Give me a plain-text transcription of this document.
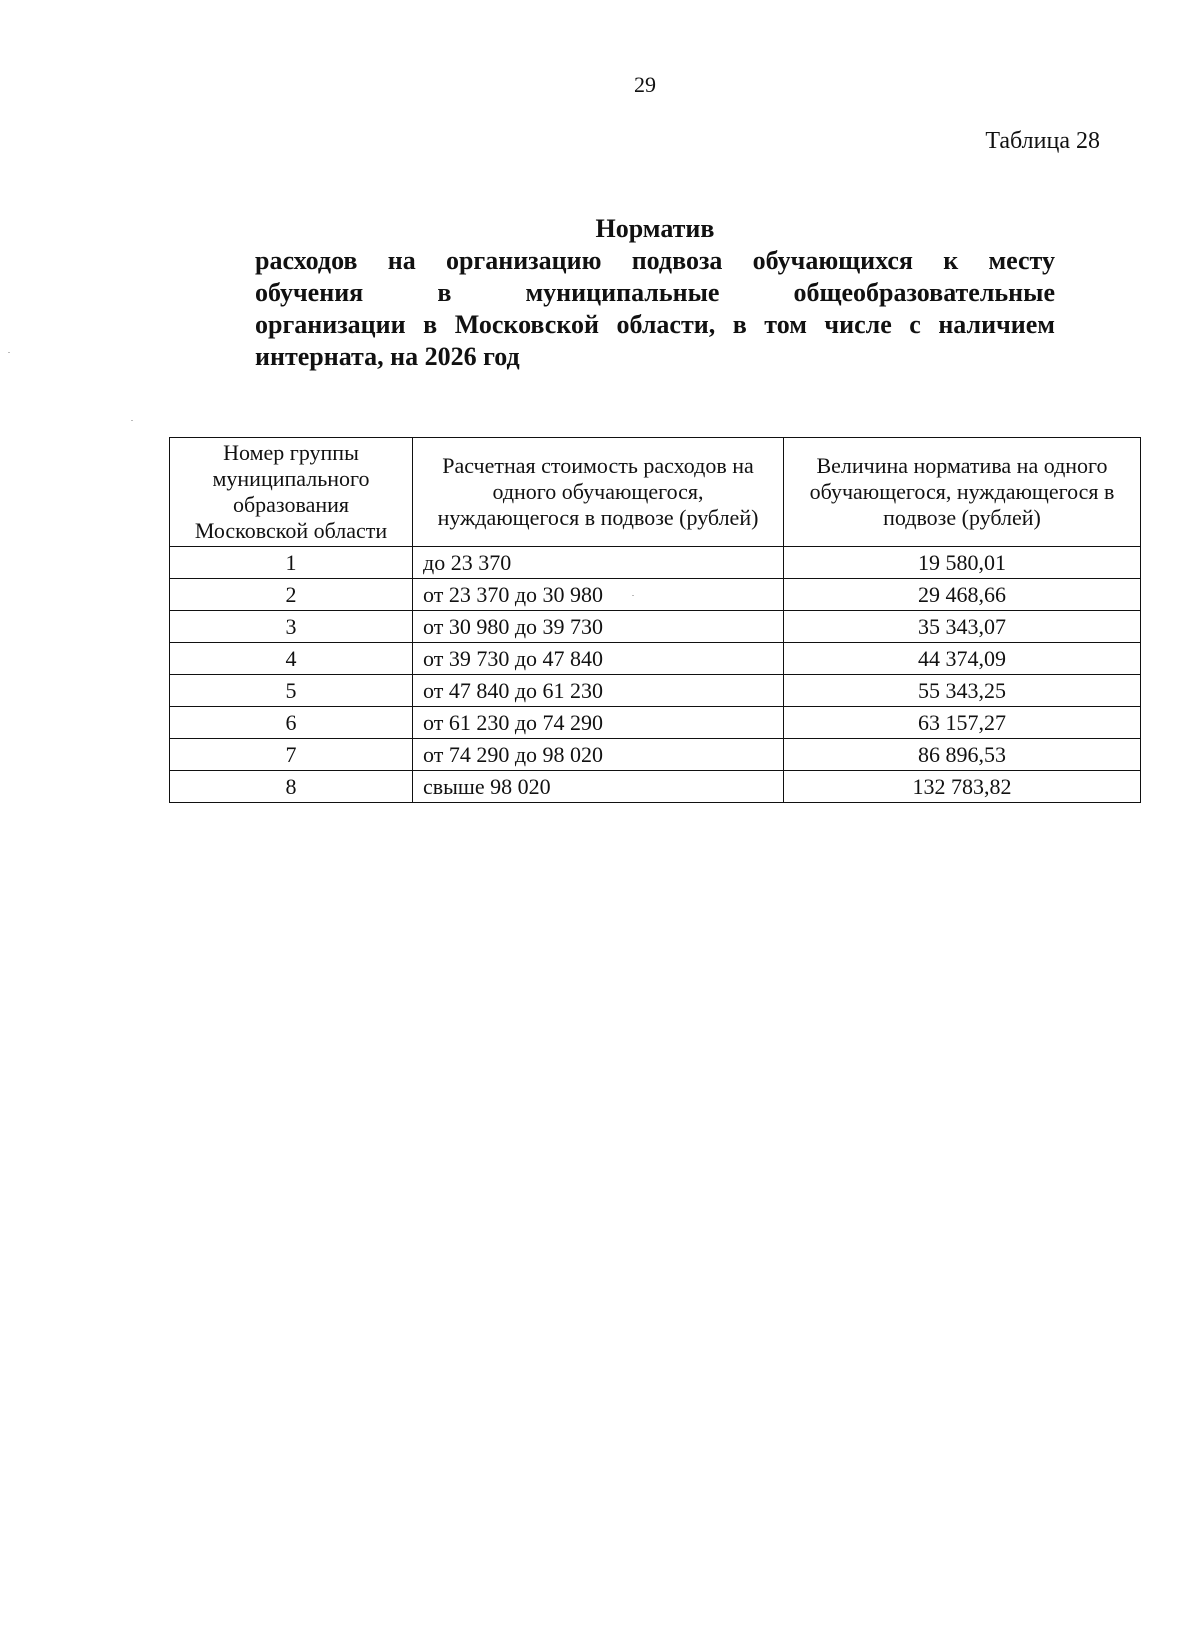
29
Таблица 28
Норматив
расходов на организацию подвоза обучающихся к месту
обучения в муниципальные общеобразовательные
организации в Московской области, в том числе с наличием
интерната, на 2026 год
Номер группы муниципального образования Московской области	Расчетная стоимость расходов на одного обучающегося, нуждающегося в подвозе (рублей)	Величина норматива на одного обучающегося, нуждающегося в подвозе (рублей)
1	до 23 370	19 580,01
2	от 23 370 до 30 980	29 468,66
3	от 30 980 до 39 730	35 343,07
4	от 39 730 до 47 840	44 374,09
5	от 47 840 до 61 230	55 343,25
6	от 61 230 до 74 290	63 157,27
7	от 74 290 до 98 020	86 896,53
8	свыше 98 020	132 783,82
